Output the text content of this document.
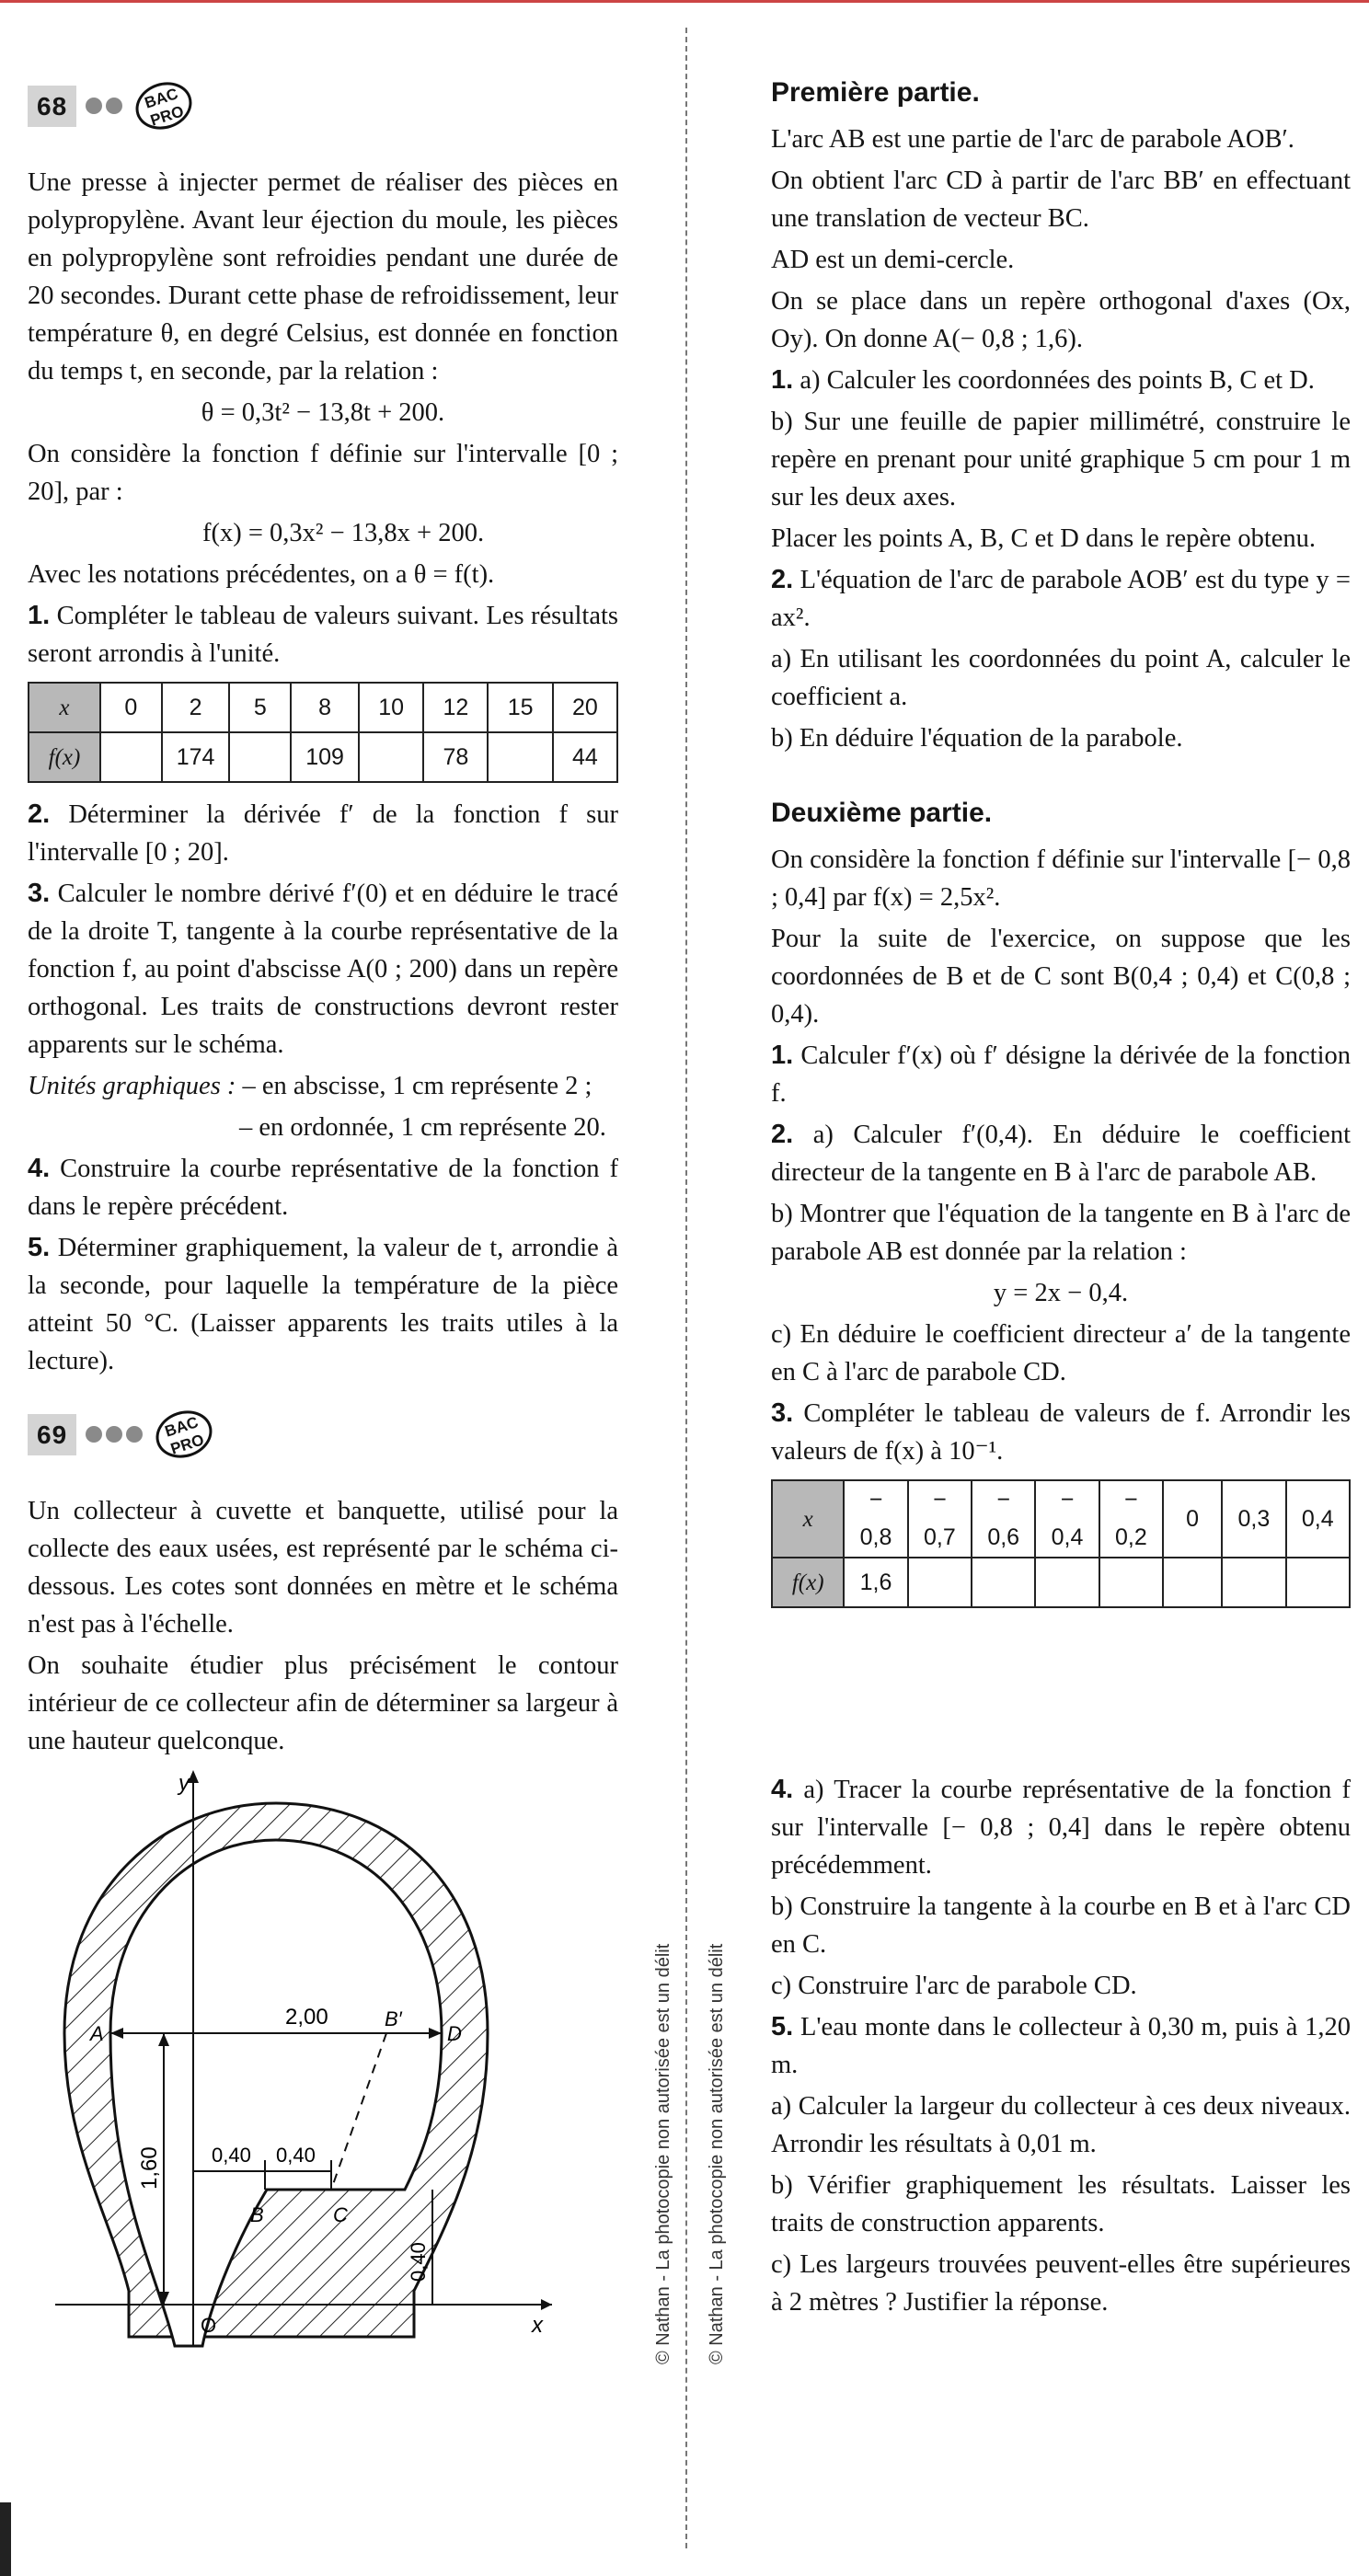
68	BAC PRO

Une presse à injecter permet de réaliser des pièces en polypropylène. Avant leur éjection du moule, les pièces en polypropylène sont refroidies pendant une durée de 20 secondes. Durant cette phase de refroidissement, leur température θ, en degré Celsius, est donnée en fonction du temps t, en seconde, par la relation :

θ = 0,3t² − 13,8t + 200.

On considère la fonction f définie sur l'intervalle [0 ; 20], par :

f(x) = 0,3x² − 13,8x + 200.

Avec les notations précédentes, on a θ = f(t).

1. Compléter le tableau de valeurs suivant. Les résultats seront arrondis à l'unité.

x	0	2	5	8	10	12	15	20
f(x)		174		109		78		44

2. Déterminer la dérivée f′ de la fonction f sur l'intervalle [0 ; 20].

3. Calculer le nombre dérivé f′(0) et en déduire le tracé de la droite T, tangente à la courbe représentative de la fonction f, au point d'abscisse A(0 ; 200) dans un repère orthogonal. Les traits de constructions devront rester apparents sur le schéma.

Unités graphiques : – en abscisse, 1 cm représente 2 ;

– en ordonnée, 1 cm représente 20.

4. Construire la courbe représentative de la fonction f dans le repère précédent.

5. Déterminer graphiquement, la valeur de t, arrondie à la seconde, pour laquelle la température de la pièce atteint 50 °C. (Laisser apparents les traits utiles à la lecture).

69	BAC PRO

Un collecteur à cuvette et banquette, utilisé pour la collecte des eaux usées, est représenté par le schéma ci-dessous. Les cotes sont données en mètre et le schéma n'est pas à l'échelle.

On souhaite étudier plus précisément le contour intérieur de ce collecteur afin de déterminer sa largeur à une hauteur quelconque.

y
x
O
A	D
2,00	B′
1,60 0,40 0,40
B	C
0,40	© Nathan - La photocopie non autorisée est un délit © Nathan - La photocopie non autorisée est un délit

Première partie.

L'arc AB est une partie de l'arc de parabole AOB′.

On obtient l'arc CD à partir de l'arc BB′ en effectuant une translation de vecteur BC.

AD est un demi-cercle.

On se place dans un repère orthogonal d'axes (Ox, Oy). On donne A(− 0,8 ; 1,6).

1. a) Calculer les coordonnées des points B, C et D.

b) Sur une feuille de papier millimétré, construire le repère en prenant pour unité graphique 5 cm pour 1 m sur les deux axes.

Placer les points A, B, C et D dans le repère obtenu.

2. L'équation de l'arc de parabole AOB′ est du type y = ax².

a) En utilisant les coordonnées du point A, calculer le coefficient a.

b) En déduire l'équation de la parabole.

Deuxième partie.

On considère la fonction f définie sur l'intervalle [− 0,8 ; 0,4] par f(x) = 2,5x².

Pour la suite de l'exercice, on suppose que les coordonnées de B et de C sont B(0,4 ; 0,4) et C(0,8 ; 0,4).

1. Calculer f′(x) où f′ désigne la dérivée de la fonction f.

2. a) Calculer f′(0,4). En déduire le coefficient directeur de la tangente en B à l'arc de parabole AB.

b) Montrer que l'équation de la tangente en B à l'arc de parabole AB est donnée par la relation :

y = 2x − 0,4.

c) En déduire le coefficient directeur a′ de la tangente en C à l'arc de parabole CD.

3. Compléter le tableau de valeurs de f. Arrondir les valeurs de f(x) à 10⁻¹.

x	− 0,8	− 0,7	− 0,6	− 0,4	− 0,2	0	0,3	0,4
f(x)	1,6							

4. a) Tracer la courbe représentative de la fonction f sur l'intervalle [− 0,8 ; 0,4] dans le repère obtenu précédemment.

b) Construire la tangente à la courbe en B et à l'arc CD en C.

c) Construire l'arc de parabole CD.

5. L'eau monte dans le collecteur à 0,30 m, puis à 1,20 m.

a) Calculer la largeur du collecteur à ces deux niveaux. Arrondir les résultats à 0,01 m.

b) Vérifier graphiquement les résultats. Laisser les traits de construction apparents.

c) Les largeurs trouvées peuvent-elles être supérieures à 2 mètres ? Justifier la réponse.
